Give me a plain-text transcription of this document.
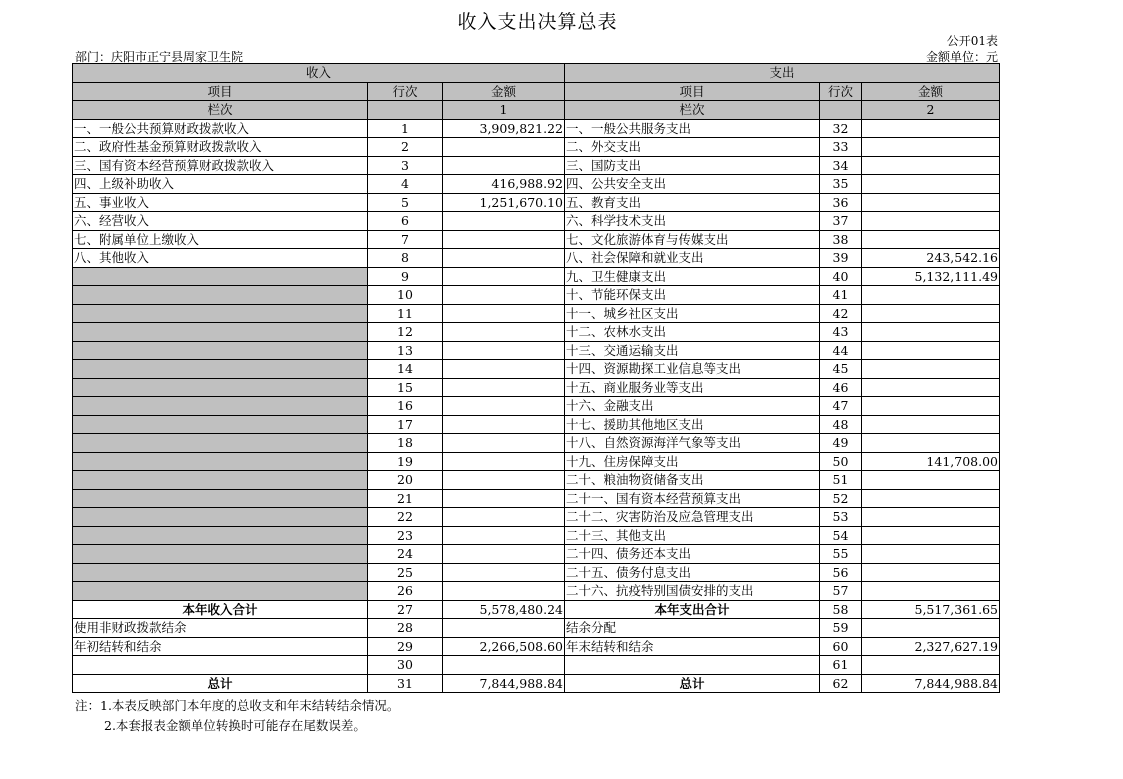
收入支出决算总表
公开01表
部门：庆阳市正宁县周家卫生院	金额单位：元
收入			支出		
项目	行次	金额	项目	行次	金额
栏次		1	栏次		2
一、一般公共预算财政拨款收入	1	3,909,821.22	一、一般公共服务支出	32	
二、政府性基金预算财政拨款收入	2		二、外交支出	33	
三、国有资本经营预算财政拨款收入	3		三、国防支出	34	
四、上级补助收入	4	416,988.92	四、公共安全支出	35	
五、事业收入	5	1,251,670.10	五、教育支出	36	
六、经营收入	6		六、科学技术支出	37	
七、附属单位上缴收入	7		七、文化旅游体育与传媒支出	38	
八、其他收入	8		八、社会保障和就业支出	39	243,542.16
	9		九、卫生健康支出	40	5,132,111.49
	10		十、节能环保支出	41	
	11		十一、城乡社区支出	42	
	12		十二、农林水支出	43	
	13		十三、交通运输支出	44	
	14		十四、资源勘探工业信息等支出	45	
	15		十五、商业服务业等支出	46	
	16		十六、金融支出	47	
	17		十七、援助其他地区支出	48	
	18		十八、自然资源海洋气象等支出	49	
	19		十九、住房保障支出	50	141,708.00
	20		二十、粮油物资储备支出	51	
	21		二十一、国有资本经营预算支出	52	
	22		二十二、灾害防治及应急管理支出	53	
	23		二十三、其他支出	54	
	24		二十四、债务还本支出	55	
	25		二十五、债务付息支出	56	
	26		二十六、抗疫特别国债安排的支出	57	
本年收入合计	27	5,578,480.24	本年支出合计	58	5,517,361.65
使用非财政拨款结余	28		结余分配	59	
年初结转和结余	29	2,266,508.60	年末结转和结余	60	2,327,627.19
	30			61	
总计	31	7,844,988.84	总计	62	7,844,988.84
注：1.本表反映部门本年度的总收支和年末结转结余情况。
2.本套报表金额单位转换时可能存在尾数误差。
